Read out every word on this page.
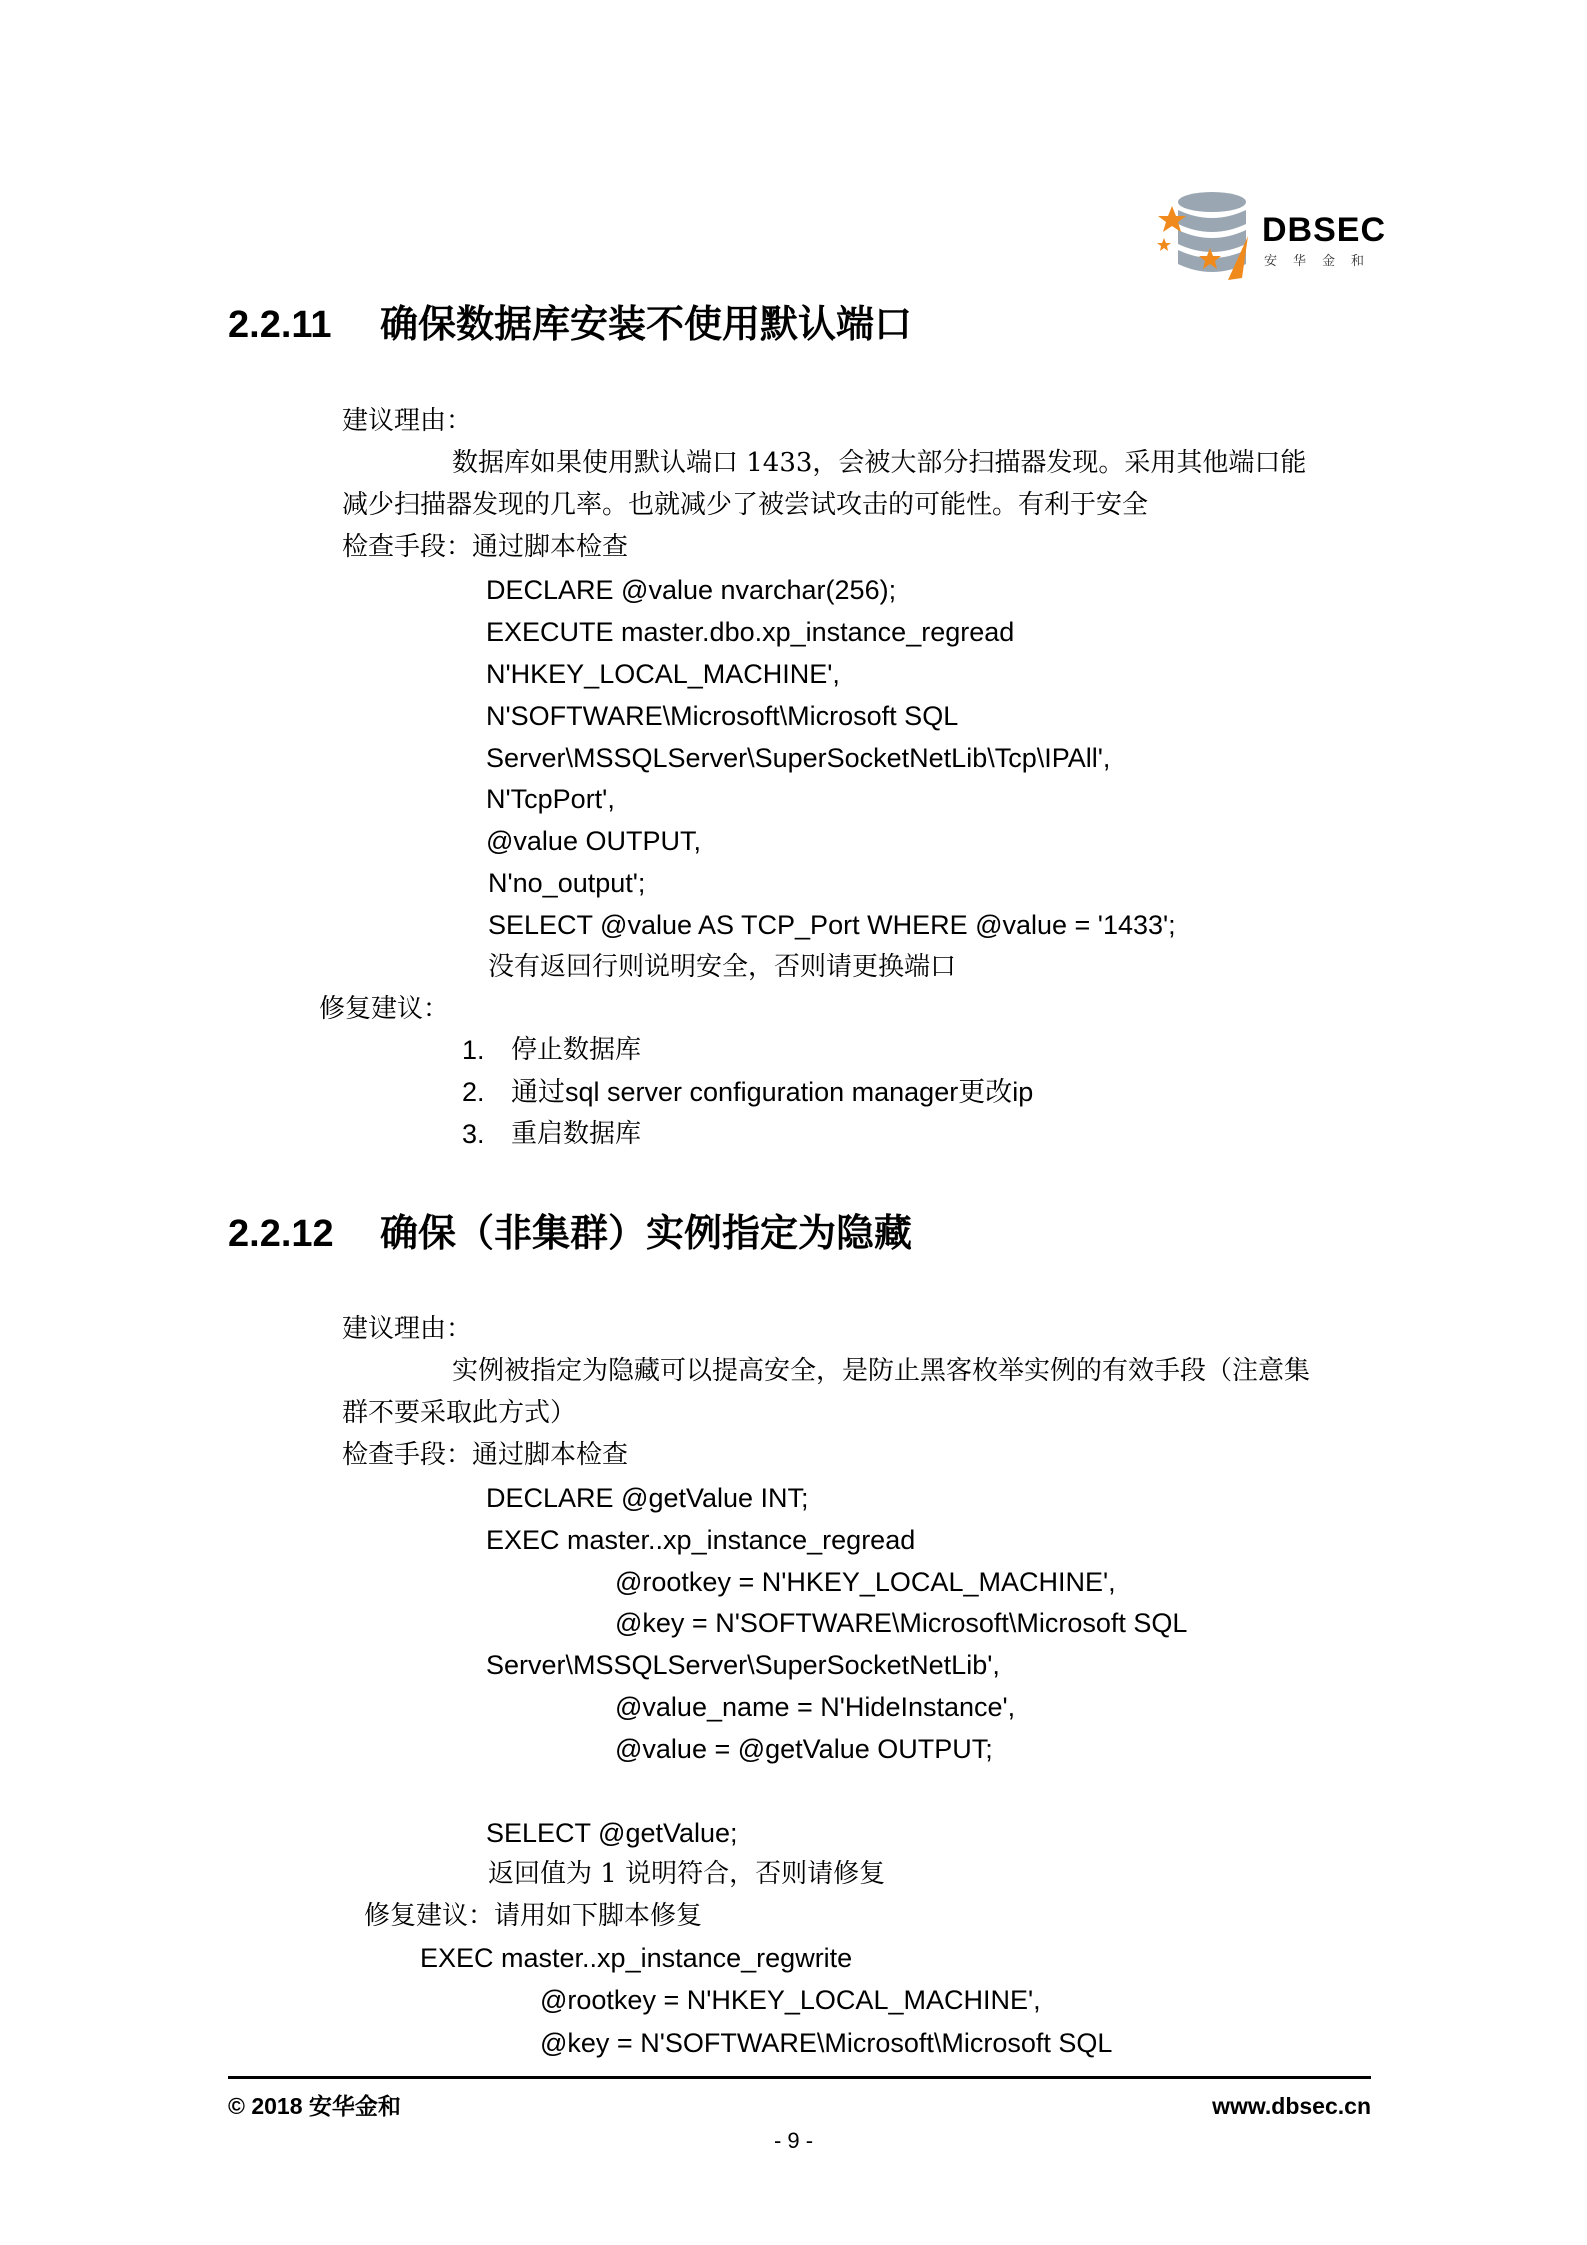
DBSEC
安华金和
2.2.11 确保数据库安装不使用默认端口
建议理由：
数据库如果使用默认端口 1433，会被大部分扫描器发现。采用其他端口能
减少扫描器发现的几率。也就减少了被尝试攻击的可能性。有利于安全
检查手段：通过脚本检查
DECLARE @value nvarchar(256);
EXECUTE master.dbo.xp_instance_regread
N'HKEY_LOCAL_MACHINE',
N'SOFTWARE\Microsoft\Microsoft SQL
Server\MSSQLServer\SuperSocketNetLib\Tcp\IPAll',
N'TcpPort',
@value OUTPUT,
N'no_output';
SELECT @value AS TCP_Port WHERE @value = '1433';
没有返回行则说明安全，否则请更换端口
修复建议：
1. 停止数据库
2. 通过sql server configuration manager更改ip
3. 重启数据库
2.2.12 确保（非集群）实例指定为隐藏
建议理由：
实例被指定为隐藏可以提高安全，是防止黑客枚举实例的有效手段（注意集
群不要采取此方式）
检查手段：通过脚本检查
DECLARE @getValue INT;
EXEC master..xp_instance_regread
@rootkey = N'HKEY_LOCAL_MACHINE',
@key = N'SOFTWARE\Microsoft\Microsoft SQL
Server\MSSQLServer\SuperSocketNetLib',
@value_name = N'HideInstance',
@value = @getValue OUTPUT;
SELECT @getValue;
返回值为 1 说明符合，否则请修复
修复建议：请用如下脚本修复
EXEC master..xp_instance_regwrite
@rootkey = N'HKEY_LOCAL_MACHINE',
@key = N'SOFTWARE\Microsoft\Microsoft SQL
© 2018 安华金和	www.dbsec.cn
- 9 -
